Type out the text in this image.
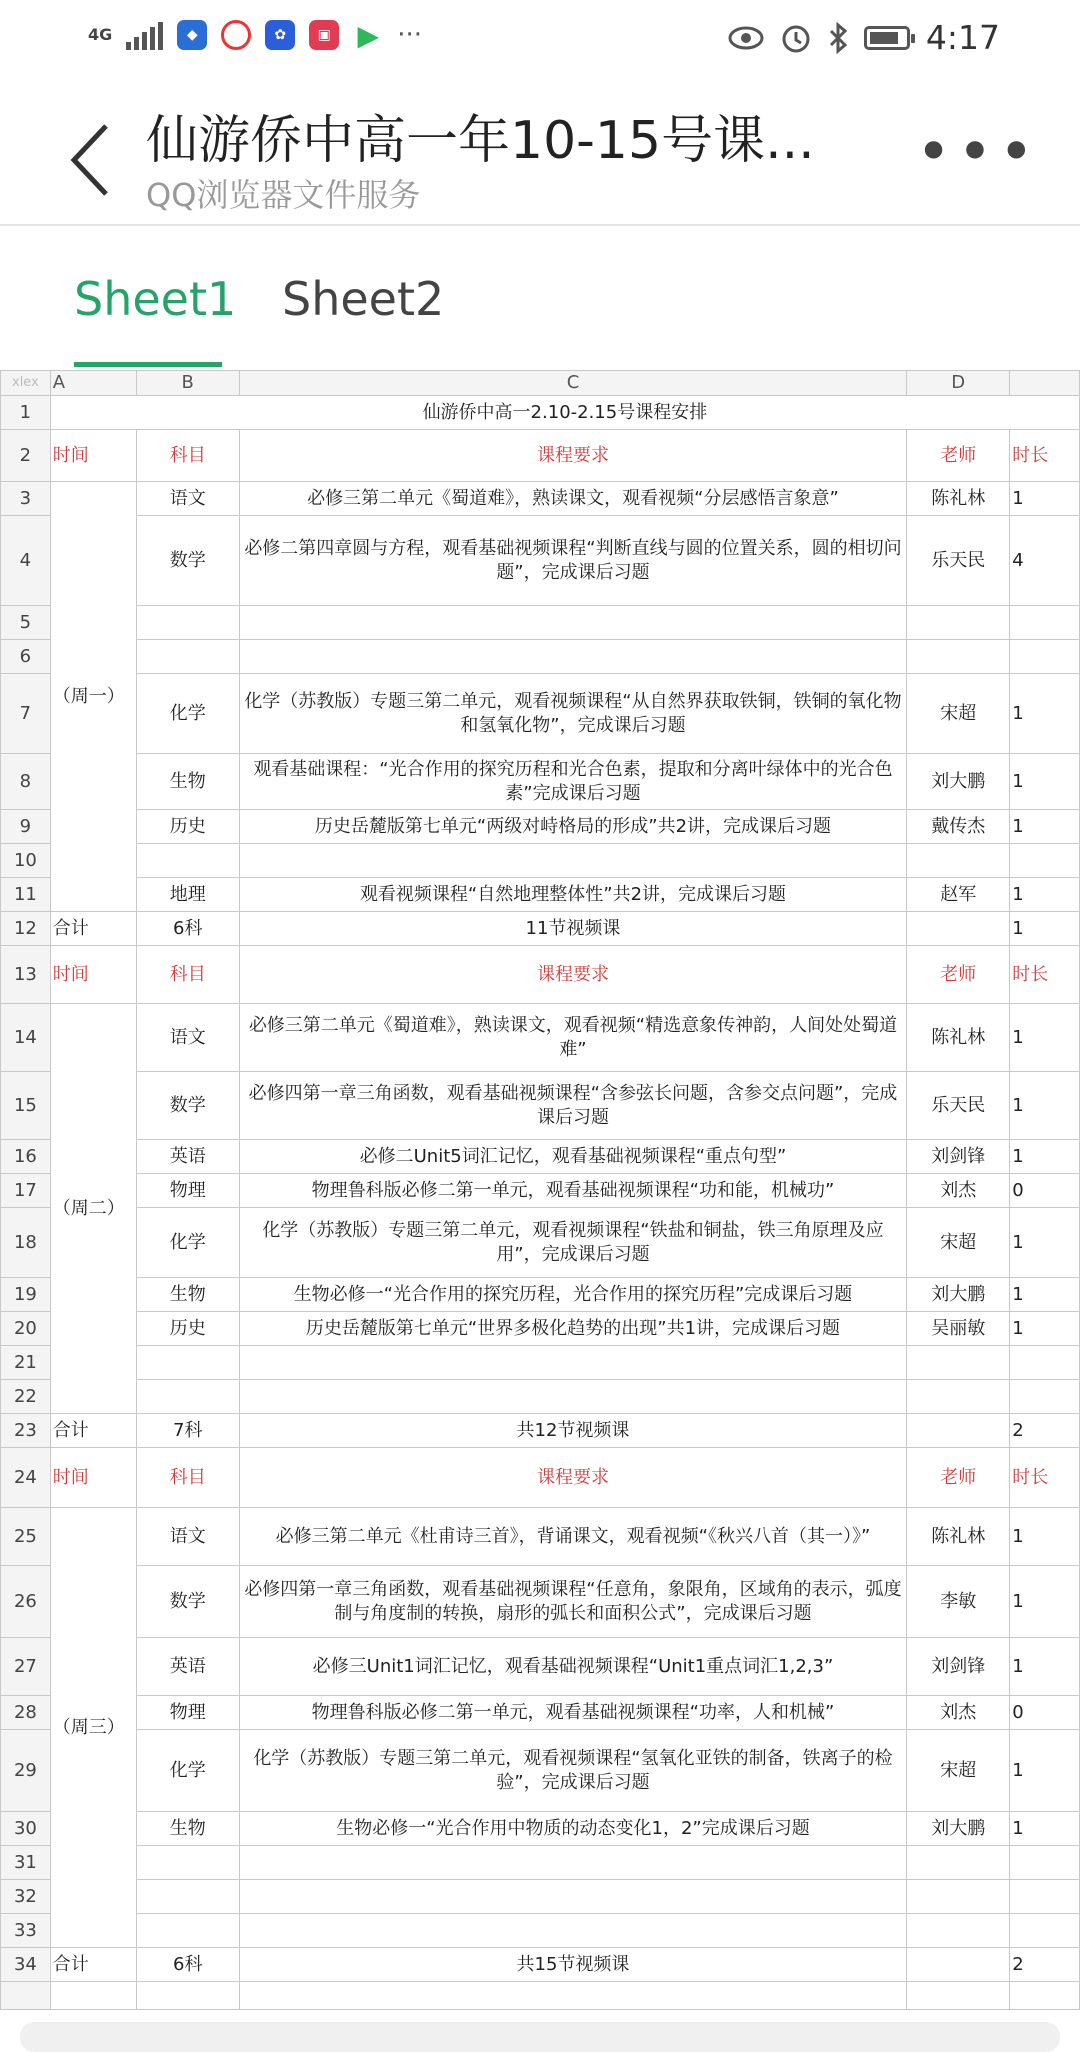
4G	◆	✿	▣ ▶ ···	4:17
仙游侨中高一年10-15号课...
QQ浏览器文件服务
•••
Sheet1 Sheet2
xlex	A	B	C	D	
1	仙游侨中高一2.10-2.15号课程安排				
2	时间	科目	课程要求	老师	时长
3	（周一）	语文	必修三第二单元《蜀道难》，熟读课文，观看视频“分层感悟言象意”	陈礼林	1
4		数学	必修二第四章圆与方程，观看基础视频课程“判断直线与圆的位置关系，圆的相切问题”，完成课后习题	乐天民	4
5					
6					
7		化学	化学（苏教版）专题三第二单元，观看视频课程“从自然界获取铁铜，铁铜的氧化物和氢氧化物”，完成课后习题	宋超	1
8		生物	观看基础课程：“光合作用的探究历程和光合色素，提取和分离叶绿体中的光合色素”完成课后习题	刘大鹏	1
9		历史	历史岳麓版第七单元“两级对峙格局的形成”共2讲，完成课后习题	戴传杰	1
10					
11		地理	观看视频课程“自然地理整体性”共2讲，完成课后习题	赵军	1
12	合计	6科	11节视频课		1
13	时间	科目	课程要求	老师	时长
14	（周二）	语文	必修三第二单元《蜀道难》，熟读课文，观看视频“精选意象传神韵，人间处处蜀道难”	陈礼林	1
15		数学	必修四第一章三角函数，观看基础视频课程“含参弦长问题，含参交点问题”，完成课后习题	乐天民	1
16		英语	必修二Unit5词汇记忆，观看基础视频课程“重点句型”	刘剑锋	1
17		物理	物理鲁科版必修二第一单元，观看基础视频课程“功和能，机械功”	刘杰	0
18		化学	化学（苏教版）专题三第二单元，观看视频课程“铁盐和铜盐，铁三角原理及应用”，完成课后习题	宋超	1
19		生物	生物必修一“光合作用的探究历程，光合作用的探究历程”完成课后习题	刘大鹏	1
20		历史	历史岳麓版第七单元“世界多极化趋势的出现”共1讲，完成课后习题	吴丽敏	1
21					
22					
23	合计	7科	共12节视频课		2
24	时间	科目	课程要求	老师	时长
25	（周三）	语文	必修三第二单元《杜甫诗三首》，背诵课文，观看视频“《秋兴八首（其一）》”	陈礼林	1
26		数学	必修四第一章三角函数，观看基础视频课程“任意角，象限角，区域角的表示，弧度制与角度制的转换，扇形的弧长和面积公式”，完成课后习题	李敏	1
27		英语	必修三Unit1词汇记忆，观看基础视频课程“Unit1重点词汇1,2,3”	刘剑锋	1
28		物理	物理鲁科版必修二第一单元，观看基础视频课程“功率，人和机械”	刘杰	0
29		化学	化学（苏教版）专题三第二单元，观看视频课程“氢氧化亚铁的制备，铁离子的检验”，完成课后习题	宋超	1
30		生物	生物必修一“光合作用中物质的动态变化1，2”完成课后习题	刘大鹏	1
31					
32					
33					
34	合计	6科	共15节视频课		2
